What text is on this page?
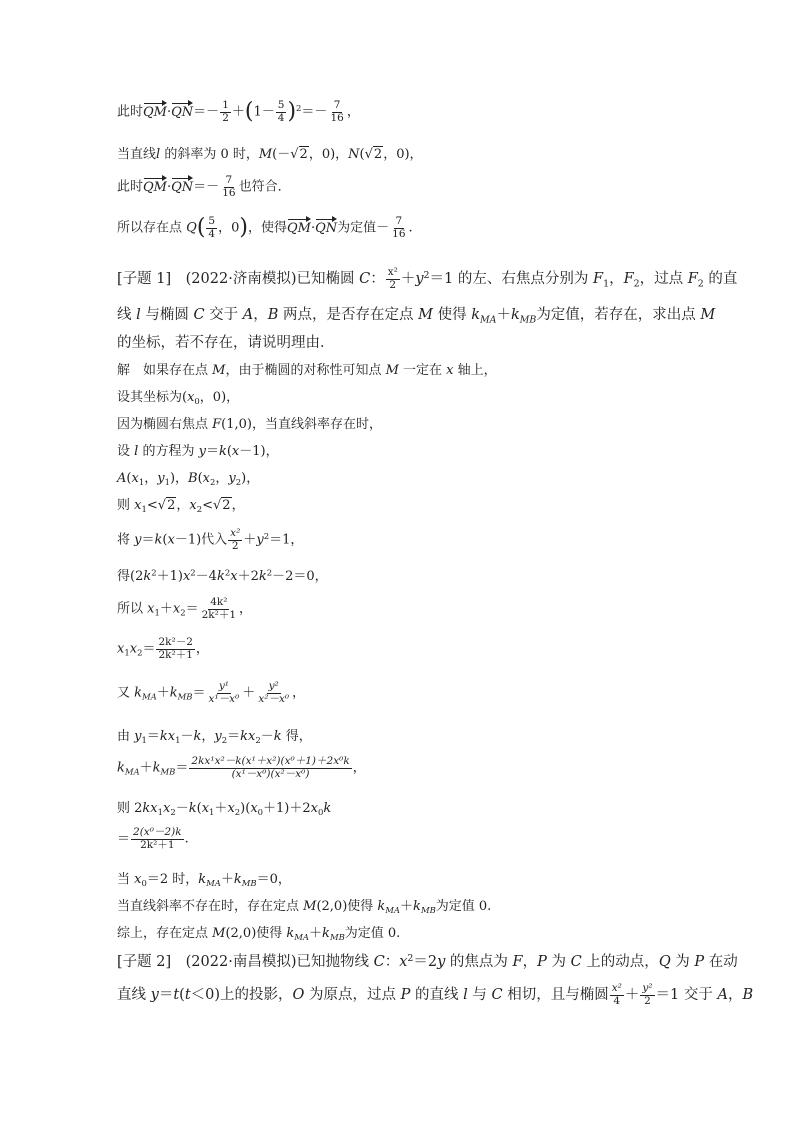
此时$QM\cdot QN=- \frac{1}{2} +(1- \frac{5}{4} )^2=- \frac{7}{16}$ ，
当直线l 的斜率为 0 时，M(－√2，0)，N(√2，0)，
此时$QM\cdot QN=- \frac{7}{16}$ 也符合．
所以存在点 $Q( \frac{5}{4}$ ，0)，使得QM·QN为定值－ $\frac{7}{16}$ .
[子题 1]　(2022·济南模拟)已知椭圆 C： $\frac{\text{x²}}{2} +y^2=1$ 的左、右焦点分别为 $F_1$，$F_2$，过点 $F_2$ 的直
线 l 与椭圆 C 交于 A，B 两点，是否存在定点 M 使得 $k_{MA}+k_{MB}$为定值，若存在，求出点 M
的坐标，若不存在，请说明理由．
解　如果存在点 M，由于椭圆的对称性可知点 M 一定在 x 轴上，
设其坐标为($x_0$，0)，
因为椭圆右焦点 F(1,0)，当直线斜率存在时，
设 l 的方程为 y＝k(x－1)，
$A(x_1$，$y_1$)，$B(x_2$，$y_2$)，
则 $x_1<√2$，$x_2<√2$，
将 y＝k(x－1)代入 $\frac{\text{x²}}{2} +y^2=1$，
得$(2k^2+1)x^2-4k^2x+2k^2-2=0$，
所以 $x_1+x_2= \frac{\text{4k²}}{\text{2k²＋1}}$ ，
$x_1x_2= \frac{\text{2k²－2}}{\text{2k²＋1}}$ ，
又 $k_{MA}+k_{MB}= \frac{\text{y¹}}{\text{x¹－x⁰}} + \frac{\text{y²}}{\text{x²－x⁰}}$ ，
由 $y_1=kx_1-k$，$y_2=kx_2-k$ 得，
$k_{MA}+k_{MB}= \frac{\text{2kx¹x²－k(x¹＋x²)(x⁰＋1)＋2x⁰k}}{\text{(x¹－x⁰)(x²－x⁰)}}$ ，
则 $2kx_1x_2-k(x_1+x_2)(x_0+1)+2x_0k$
＝ $\frac{\text{2(x⁰－2)k}}{\text{2k²＋1}}$ .
当 $x_0=2$ 时，$k_{MA}+k_{MB}=0$，
当直线斜率不存在时，存在定点 M(2,0)使得 $k_{MA}+k_{MB}$为定值 0.
综上，存在定点 M(2,0)使得 $k_{MA}+k_{MB}$为定值 0.
[子题 2]　(2022·南昌模拟)已知抛物线 C：$x^2=2y$ 的焦点为 F，P 为 C 上的动点，Q 为 P 在动
直线 y＝t(t＜0)上的投影，O 为原点，过点 P 的直线 l 与 C 相切，且与椭圆 $\frac{\text{x²}}{4} + \frac{\text{y²}}{2} =1$ 交于 A，B
